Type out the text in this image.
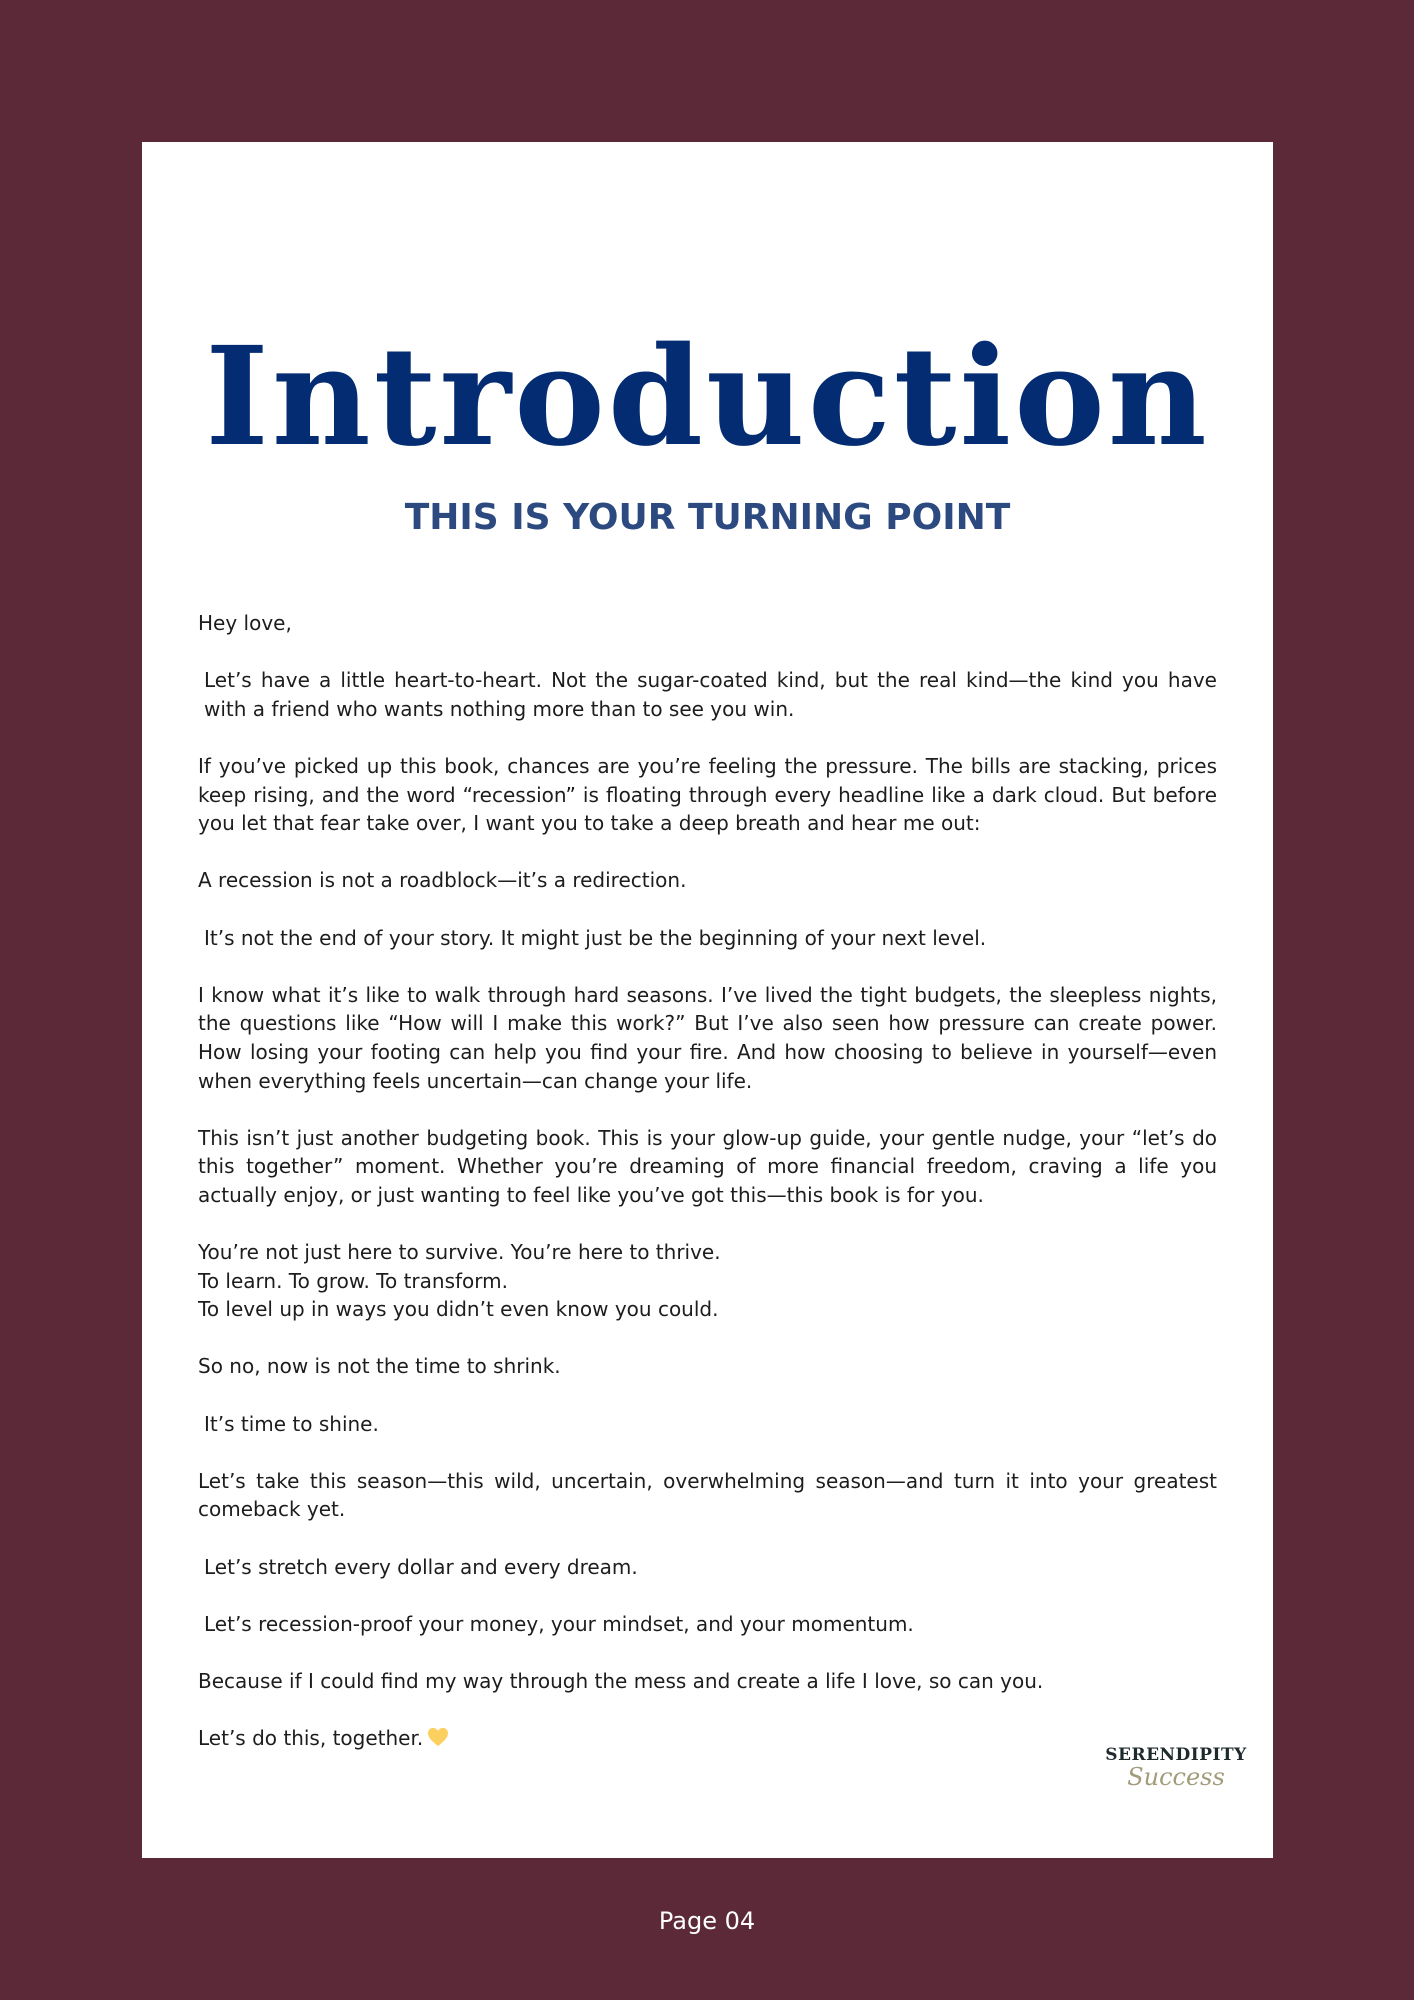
Introduction
THIS IS YOUR TURNING POINT

Hey love,

Let’s have a little heart-to-heart. Not the sugar-coated kind, but the real kind—the kind you have with a friend who wants nothing more than to see you win.

If you’ve picked up this book, chances are you’re feeling the pressure. The bills are stacking, prices keep rising, and the word “recession” is floating through every headline like a dark cloud. But before you let that fear take over, I want you to take a deep breath and hear me out:

A recession is not a roadblock—it’s a redirection.

It’s not the end of your story. It might just be the beginning of your next level.

I know what it’s like to walk through hard seasons. I’ve lived the tight budgets, the sleepless nights, the questions like “How will I make this work?” But I’ve also seen how pressure can create power. How losing your footing can help you find your fire. And how choosing to believe in yourself—even when everything feels uncertain—can change your life.

This isn’t just another budgeting book. This is your glow-up guide, your gentle nudge, your “let’s do this together” moment. Whether you’re dreaming of more financial freedom, craving a life you actually enjoy, or just wanting to feel like you’ve got this—this book is for you.

You’re not just here to survive. You’re here to thrive.
To learn. To grow. To transform.
To level up in ways you didn’t even know you could.

So no, now is not the time to shrink.

It’s time to shine.

Let’s take this season—this wild, uncertain, overwhelming season—and turn it into your greatest comeback yet.

Let’s stretch every dollar and every dream.

Let’s recession-proof your money, your mindset, and your momentum.

Because if I could find my way through the mess and create a life I love, so can you.

Let’s do this, together.

SERENDIPITY
Success
Page 04
